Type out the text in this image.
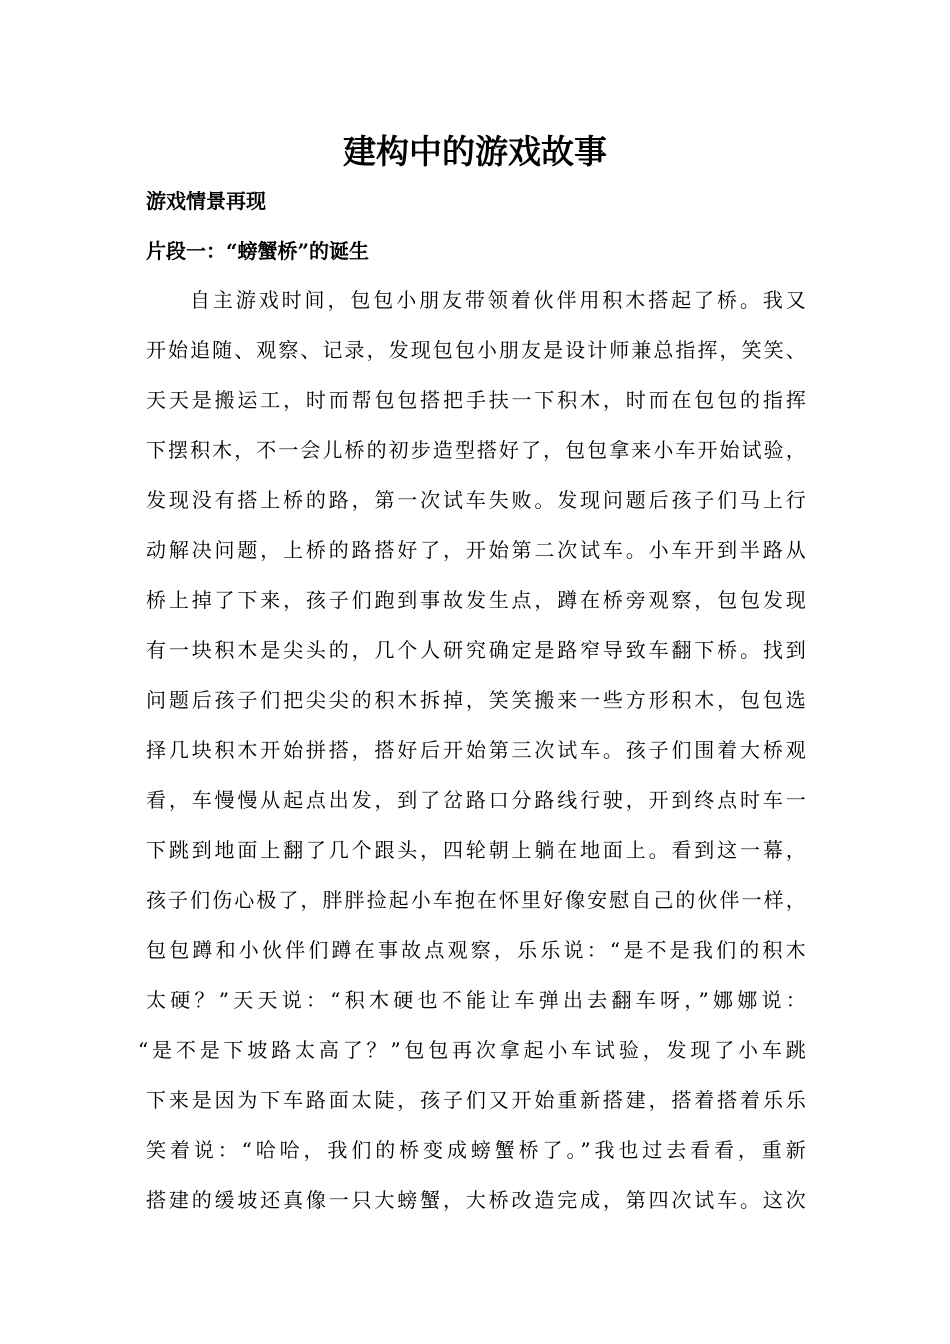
建构中的游戏故事
游戏情景再现
片段一：“螃蟹桥”的诞生
自主游戏时间，包包小朋友带领着伙伴用积木搭起了桥。我又
开始追随、观察、记录，发现包包小朋友是设计师兼总指挥，笑笑、
天天是搬运工，时而帮包包搭把手扶一下积木，时而在包包的指挥
下摆积木，不一会儿桥的初步造型搭好了，包包拿来小车开始试验，
发现没有搭上桥的路，第一次试车失败。发现问题后孩子们马上行
动解决问题，上桥的路搭好了，开始第二次试车。小车开到半路从
桥上掉了下来，孩子们跑到事故发生点，蹲在桥旁观察，包包发现
有一块积木是尖头的，几个人研究确定是路窄导致车翻下桥。找到
问题后孩子们把尖尖的积木拆掉，笑笑搬来一些方形积木，包包选
择几块积木开始拼搭，搭好后开始第三次试车。孩子们围着大桥观
看，车慢慢从起点出发，到了岔路口分路线行驶，开到终点时车一
下跳到地面上翻了几个跟头，四轮朝上躺在地面上。看到这一幕，
孩子们伤心极了，胖胖捡起小车抱在怀里好像安慰自己的伙伴一样，
包包蹲和小伙伴们蹲在事故点观察，乐乐说：“是不是我们的积木
太硬？”天天说：“积木硬也不能让车弹出去翻车呀，”娜娜说：
“是不是下坡路太高了？”包包再次拿起小车试验，发现了小车跳
下来是因为下车路面太陡，孩子们又开始重新搭建，搭着搭着乐乐
笑着说：“哈哈，我们的桥变成螃蟹桥了。”我也过去看看，重新
搭建的缓坡还真像一只大螃蟹，大桥改造完成，第四次试车。这次
